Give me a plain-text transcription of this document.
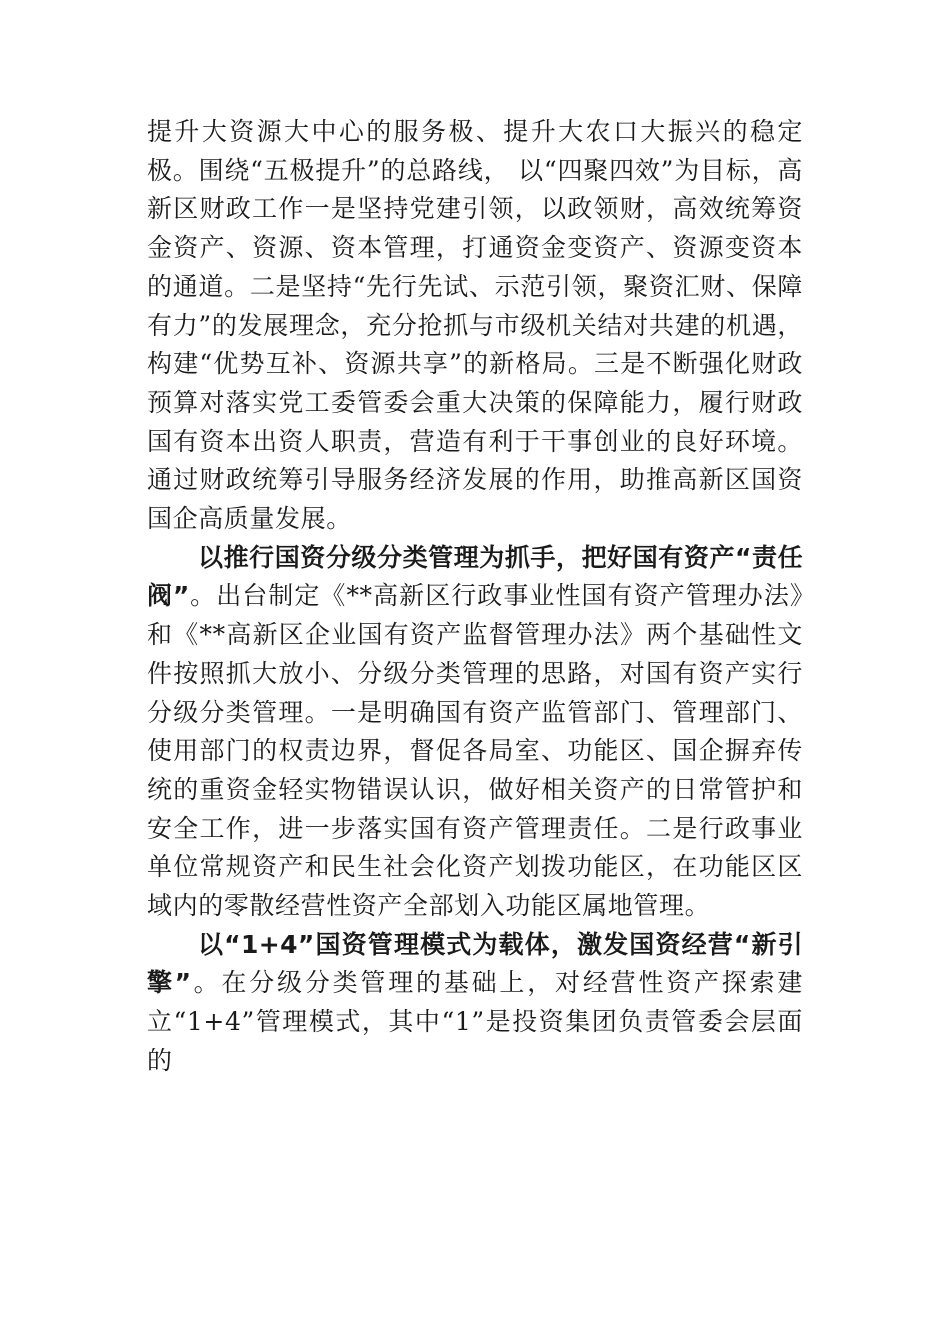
提升大资源大中心的服务极、提升大农口大振兴的稳定极。围绕“五极提升”的总路线， 以“四聚四效”为目标，高新区财政工作一是坚持党建引领，以政领财，高效统筹资金资产、资源、资本管理，打通资金变资产、资源变资本的通道。二是坚持“先行先试、示范引领，聚资汇财、保障有力”的发展理念，充分抢抓与市级机关结对共建的机遇，构建“优势互补、资源共享”的新格局。三是不断强化财政预算对落实党工委管委会重大决策的保障能力，履行财政国有资本出资人职责，营造有利于干事创业的良好环境。通过财政统筹引导服务经济发展的作用，助推高新区国资国企高质量发展。

以推行国资分级分类管理为抓手，把好国有资产“责任阀”。出台制定《**高新区行政事业性国有资产管理办法》和《**高新区企业国有资产监督管理办法》两个基础性文件按照抓大放小、分级分类管理的思路，对国有资产实行分级分类管理。一是明确国有资产监管部门、管理部门、使用部门的权责边界，督促各局室、功能区、国企摒弃传统的重资金轻实物错误认识，做好相关资产的日常管护和安全工作，进一步落实国有资产管理责任。二是行政事业单位常规资产和民生社会化资产划拨功能区，在功能区区域内的零散经营性资产全部划入功能区属地管理。

以“1+4”国资管理模式为载体，激发国资经营“新引擎”。在分级分类管理的基础上，对经营性资产探索建立“1+4”管理模式，其中“1”是投资集团负责管委会层面的
